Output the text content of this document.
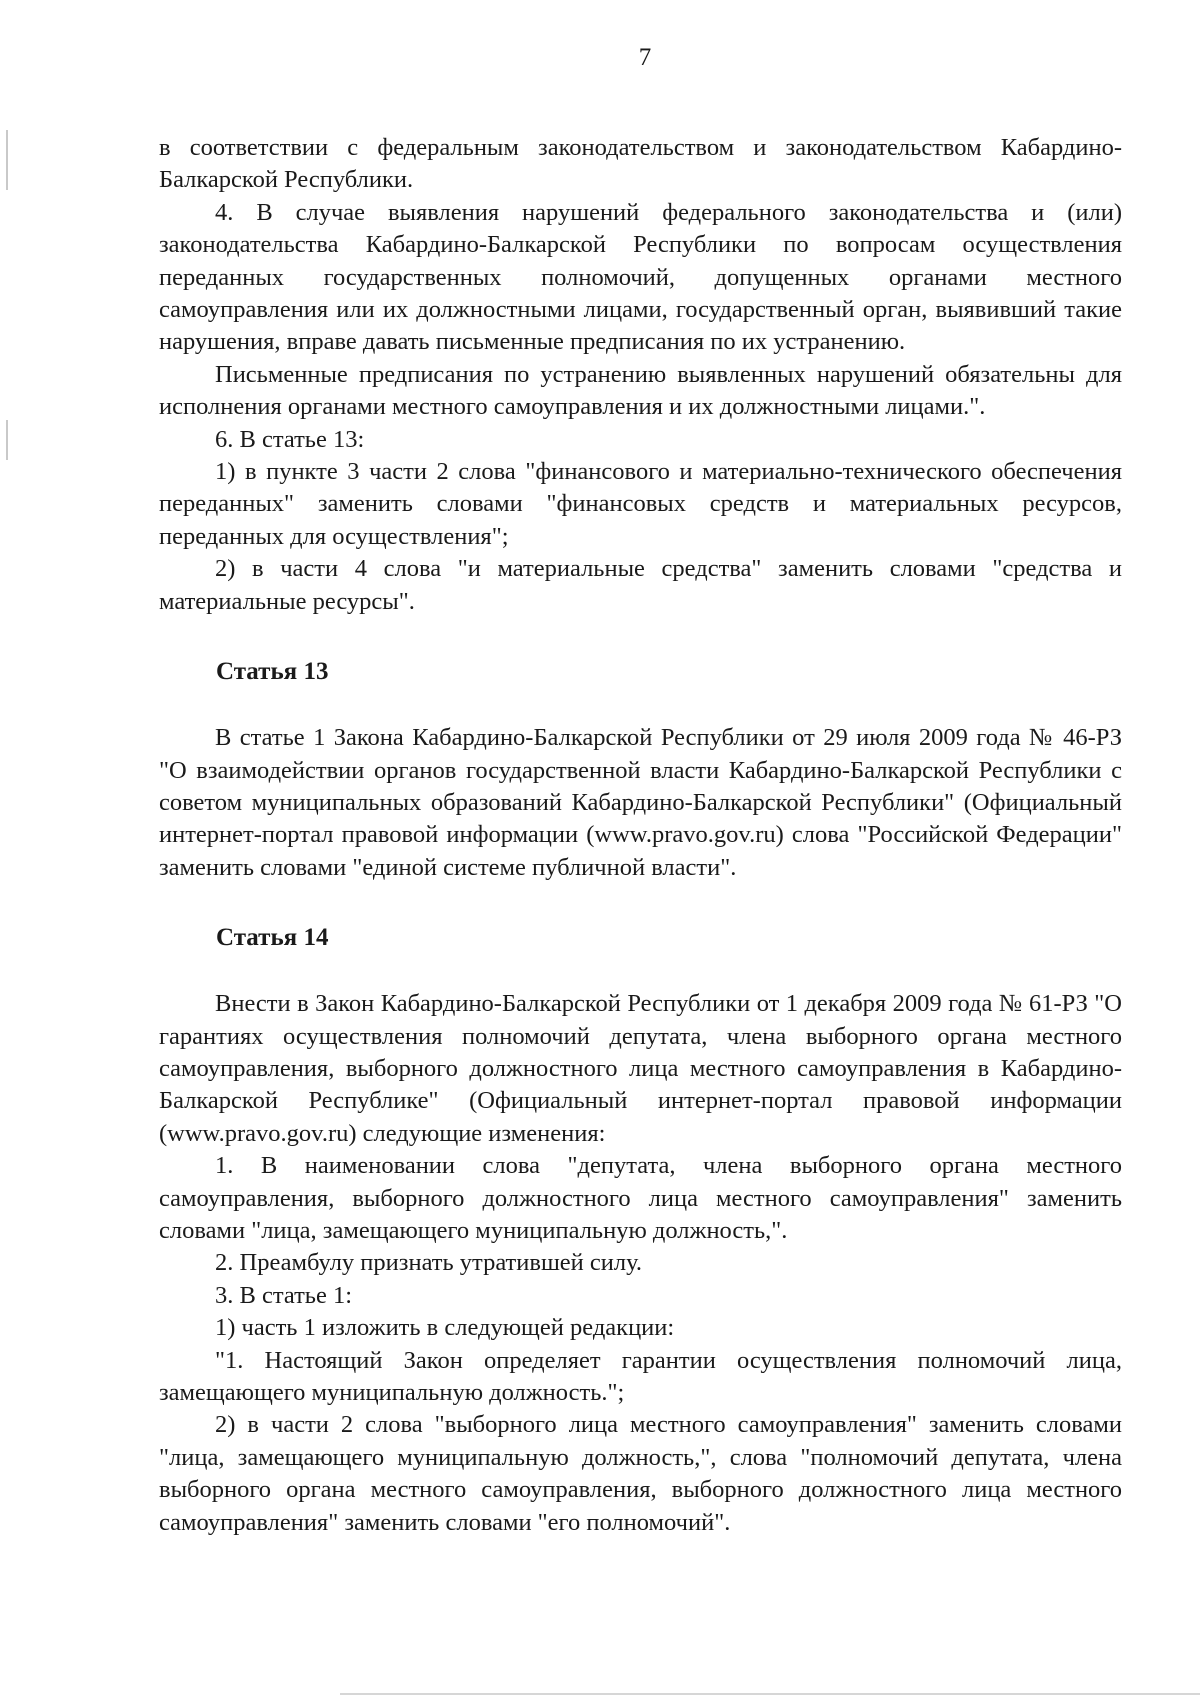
7

в соответствии с федеральным законодательством и законодательством Кабардино-Балкарской Республики.

4. В случае выявления нарушений федерального законодательства и (или) законодательства Кабардино-Балкарской Республики по вопросам осуществления переданных государственных полномочий, допущенных органами местного самоуправления или их должностными лицами, государственный орган, выявивший такие нарушения, вправе давать письменные предписания по их устранению.

Письменные предписания по устранению выявленных нарушений обязательны для исполнения органами местного самоуправления и их должностными лицами.".

6. В статье 13:

1) в пункте 3 части 2 слова "финансового и материально-технического обеспечения переданных" заменить словами "финансовых средств и материальных ресурсов, переданных для осуществления";

2) в части 4 слова "и материальные средства" заменить словами "средства и материальные ресурсы".

Статья 13

В статье 1 Закона Кабардино-Балкарской Республики от 29 июля 2009 года № 46-РЗ "О взаимодействии органов государственной власти Кабардино-Балкарской Республики с советом муниципальных образований Кабардино-Балкарской Республики" (Официальный интернет-портал правовой информации (www.pravo.gov.ru) слова "Российской Федерации" заменить словами "единой системе публичной власти".

Статья 14

Внести в Закон Кабардино-Балкарской Республики от 1 декабря 2009 года № 61-РЗ "О гарантиях осуществления полномочий депутата, члена выборного органа местного самоуправления, выборного должностного лица местного самоуправления в Кабардино-Балкарской Республике" (Официальный интернет-портал правовой информации (www.pravo.gov.ru) следующие изменения:

1. В наименовании слова "депутата, члена выборного органа местного самоуправления, выборного должностного лица местного самоуправления" заменить словами "лица, замещающего муниципальную должность,".

2. Преамбулу признать утратившей силу.

3. В статье 1:

1) часть 1 изложить в следующей редакции:

"1. Настоящий Закон определяет гарантии осуществления полномочий лица, замещающего муниципальную должность.";

2) в части 2 слова "выборного лица местного самоуправления" заменить словами "лица, замещающего муниципальную должность,", слова "полномочий депутата, члена выборного органа местного самоуправления, выборного должностного лица местного самоуправления" заменить словами "его полномочий".
